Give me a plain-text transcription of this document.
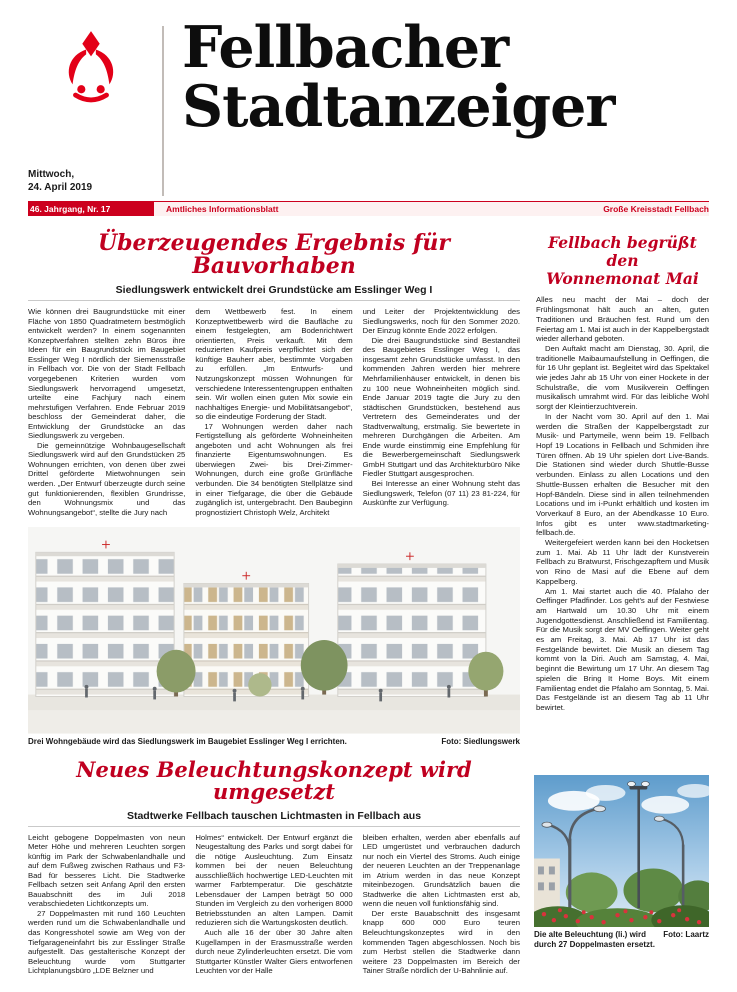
Mittwoch,
24. April 2019
Fellbacher
Stadtanzeiger
46. Jahrgang, Nr. 17	Amtliches Informationsblatt	Große Kreisstadt Fellbach
Überzeugendes Ergebnis für Bauvorhaben
Siedlungswerk entwickelt drei Grundstücke am Esslinger Weg I

Wie können drei Baugrundstücke mit einer Fläche von 1850 Quadratmetern bestmöglich entwickelt werden? In einem sogenannten Konzeptverfahren stellten zehn Büros ihre Ideen für ein Baugrundstück im Baugebiet Esslinger Weg I nördlich der Siemensstraße in Fellbach vor. Die von der Stadt Fellbach vorgegebenen Kriterien wurden vom Siedlungswerk hervorragend umgesetzt, urteilte eine Fachjury nach einem mehrstufigen Verfahren. Ende Februar 2019 beschloss der Gemeinderat daher, die Entwicklung der Grundstücke an das Siedlungswerk zu vergeben.

Die gemeinnützige Wohnbaugesellschaft Siedlungswerk wird auf den Grundstücken 25 Wohnungen errichten, von denen über zwei Drittel geförderte Mietwohnungen sein werden. „Der Entwurf überzeugte durch seine gut funktionierenden, flexiblen Grundrisse, den Wohnungsmix und das Wohnungsangebot“, stellte die Jury nach

dem Wettbewerb fest. In einem Konzeptwettbewerb wird die Baufläche zu einem festgelegten, am Bodenrichtwert orientierten, Preis verkauft. Mit dem reduzierten Kaufpreis verpflichtet sich der künftige Bauherr aber, bestimmte Vorgaben zu erfüllen. „Im Entwurfs- und Nutzungskonzept müssen Wohnungen für verschiedene Interessentengruppen enthalten sein. Wir wollen einen guten Mix sowie ein nachhaltiges Energie- und Mobilitätsangebot“, so die eindeutige Forderung der Stadt.

17 Wohnungen werden daher nach Fertigstellung als geförderte Wohneinheiten angeboten und acht Wohnungen als frei finanzierte Eigentumswohnungen. Es überwiegen Zwei- bis Drei-Zimmer-Wohnungen, durch eine große Grünfläche verbunden. Die 34 benötigten Stellplätze sind in einer Tiefgarage, die über die Gebäude zugänglich ist, untergebracht. Den Baubeginn prognostiziert Christoph Welz, Architekt

und Leiter der Projektentwicklung des Siedlungswerks, noch für den Sommer 2020. Der Einzug könnte Ende 2022 erfolgen.

Die drei Baugrundstücke sind Bestandteil des Baugebietes Esslinger Weg I, das insgesamt zehn Grundstücke umfasst. In den kommenden Jahren werden hier mehrere Mehrfamilienhäuser entwickelt, in denen bis zu 100 neue Wohneinheiten möglich sind. Ende Januar 2019 tagte die Jury zu den städtischen Grundstücken, bestehend aus Vertretern des Gemeinderates und der Stadtverwaltung, erstmalig. Sie bewertete in mehreren Durchgängen die Arbeiten. Am Ende wurde einstimmig eine Empfehlung für die Bewerbergemeinschaft Siedlungswerk GmbH Stuttgart und das Architekturbüro Nike Fiedler Stuttgart ausgesprochen.

Bei Interesse an einer Wohnung steht das Siedlungswerk, Telefon (07 11) 23 81-224, für Auskünfte zur Verfügung.

Drei Wohngebäude wird das Siedlungswerk im Baugebiet Esslinger Weg I errichten.	Foto: Siedlungswerk
Fellbach begrüßt den
Wonnemonat Mai

Alles neu macht der Mai – doch der Frühlingsmonat hält auch an alten, guten Traditionen und Bräuchen fest. Rund um den Feiertag am 1. Mai ist auch in der Kappelbergstadt wieder allerhand geboten.

Den Auftakt macht am Dienstag, 30. April, die traditionelle Maibaumaufstellung in Oeffingen, die für 16 Uhr geplant ist. Begleitet wird das Spektakel wie jedes Jahr ab 15 Uhr von einer Hockete in der Schulstraße, die vom Musikverein Oeffingen musikalisch umrahmt wird. Für das leibliche Wohl sorgt der Kleintierzuchtverein.

In der Nacht vom 30. April auf den 1. Mai werden die Straßen der Kappelbergstadt zur Musik- und Partymeile, wenn beim 19. Fellbach Hopf 19 Locations in Fellbach und Schmiden ihre Türen öffnen. Ab 19 Uhr spielen dort Live-Bands. Die Stationen sind wieder durch Shuttle-Busse verbunden. Einlass zu allen Locations und den Shuttle-Bussen erhalten die Besucher mit den Hopf-Bändeln. Diese sind in allen teilnehmenden Locations und im i-Punkt erhältlich und kosten im Vorverkauf 8 Euro, an der Abendkasse 10 Euro. Infos gibt es unter www.stadtmarketing-fellbach.de.

Weitergefeiert werden kann bei den Hocketsen zum 1. Mai. Ab 11 Uhr lädt der Kunstverein Fellbach zu Bratwurst, Frischgezapftem und Musik von Rino de Masi auf die Ebene auf dem Kappelberg.

Am 1. Mai startet auch die 40. Pfalaho der Oeffinger Pfadfinder. Los geht's auf der Festwiese am Hartwald um 10.30 Uhr mit einem Jugendgottesdienst. Anschließend ist Familientag. Für die Musik sorgt der MV Oeffingen. Weiter geht es am Freitag, 3. Mai. Ab 17 Uhr ist das Festgelände bewirtet. Die Musik an diesem Tag kommt von la Diri. Auch am Samstag, 4. Mai, beginnt die Bewirtung um 17 Uhr. An diesem Tag spielen die Bring It Home Boys. Mit einem Familientag endet die Pfalaho am Sonntag, 5. Mai. Das Festgelände ist an diesem Tag ab 11 Uhr bewirtet.

Neues Beleuchtungskonzept wird umgesetzt
Stadtwerke Fellbach tauschen Lichtmasten in Fellbach aus

Leicht gebogene Doppelmasten von neun Meter Höhe und mehreren Leuchten sorgen künftig im Park der Schwabenlandhalle und auf dem Fußweg zwischen Rathaus und F3-Bad für besseres Licht. Die Stadtwerke Fellbach setzen seit Anfang April den ersten Bauabschnitt des im Juli 2018 verabschiedeten Lichtkonzepts um.

27 Doppelmasten mit rund 160 Leuchten werden rund um die Schwabenlandhalle und das Kongresshotel sowie am Weg von der Tiefgarageneinfahrt bis zur Esslinger Straße aufgestellt. Das gestalterische Konzept der Beleuchtung wurde vom Stuttgarter Lichtplanungsbüro „LDE Belzner und

Holmes“ entwickelt. Der Entwurf ergänzt die Neugestaltung des Parks und sorgt dabei für die nötige Ausleuchtung. Zum Einsatz kommen bei der neuen Beleuchtung ausschließlich hochwertige LED-Leuchten mit warmer Farbtemperatur. Die geschätzte Lebensdauer der Lampen beträgt 50 000 Stunden im Vergleich zu den vorherigen 8000 Betriebsstunden an alten Lampen. Damit reduzieren sich die Wartungskosten deutlich.

Auch alle 16 der über 30 Jahre alten Kugellampen in der Erasmusstraße werden durch neue Zylinderleuchten ersetzt. Die vom Stuttgarter Künstler Walter Giers entworfenen Leuchten vor der Halle

bleiben erhalten, werden aber ebenfalls auf LED umgerüstet und verbrauchen dadurch nur noch ein Viertel des Stroms. Auch einige der neueren Leuchten an der Treppenanlage im Atrium werden in das neue Konzept miteinbezogen. Grundsätzlich bauen die Stadtwerke die alten Lichtmasten erst ab, wenn die neuen voll funktionsfähig sind.

Der erste Bauabschnitt des insgesamt knapp 600 000 Euro teuren Beleuchtungskonzeptes wird in den kommenden Tagen abgeschlossen. Noch bis zum Herbst stellen die Stadtwerke dann weitere 23 Doppelmasten im Bereich der Tainer Straße nördlich der U-Bahnlinie auf.

Foto: Laartz
Die alte Beleuchtung (li.) wird durch 27 Doppelmasten ersetzt.
